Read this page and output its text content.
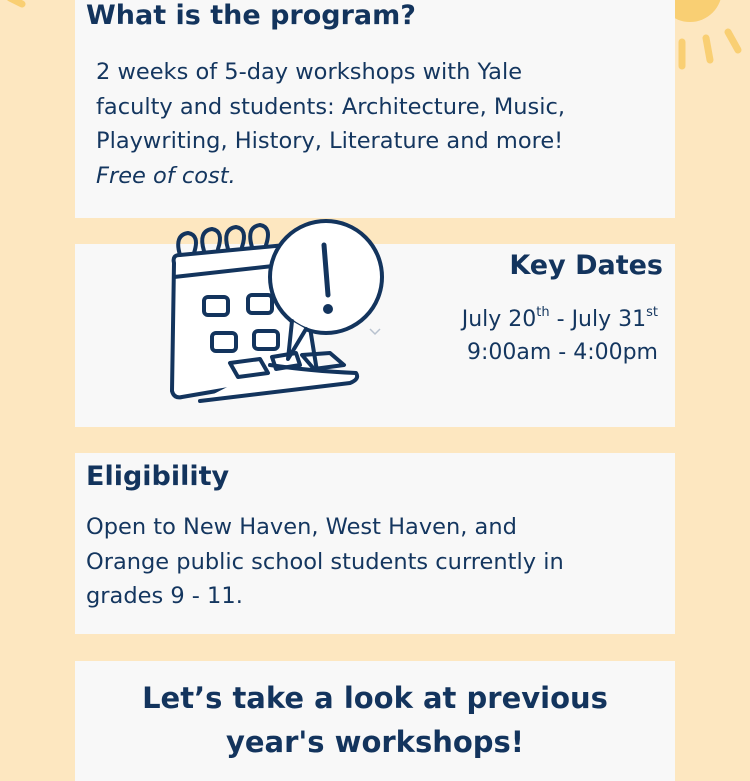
What is the program?
2 weeks of 5-day workshops with Yale
faculty and students: Architecture, Music,
Playwriting, History, Literature and more!
Free of cost.
Key Dates
July 20th - July 31st
9:00am - 4:00pm
Eligibility
Open to New Haven, West Haven, and
Orange public school students currently in
grades 9 - 11.
Let’s take a look at previous
year's workshops!
